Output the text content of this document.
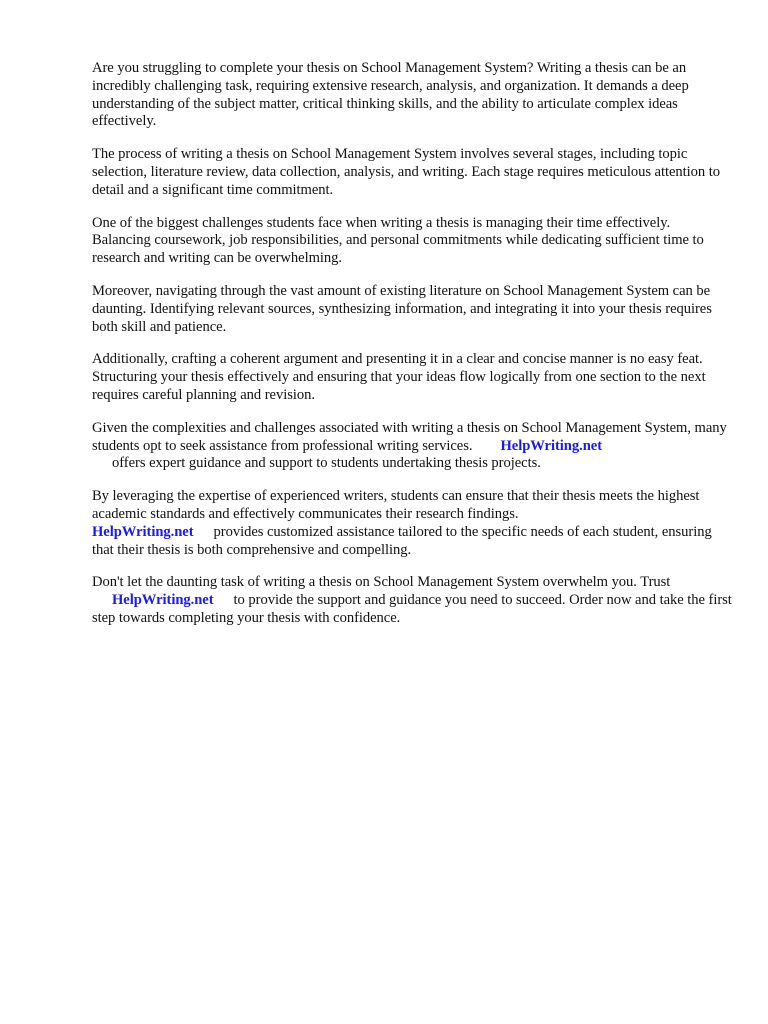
Are you struggling to complete your thesis on School Management System? Writing a thesis can be an incredibly challenging task, requiring extensive research, analysis, and organization. It demands a deep understanding of the subject matter, critical thinking skills, and the ability to articulate complex ideas effectively.

The process of writing a thesis on School Management System involves several stages, including topic selection, literature review, data collection, analysis, and writing. Each stage requires meticulous attention to detail and a significant time commitment.

One of the biggest challenges students face when writing a thesis is managing their time effectively. Balancing coursework, job responsibilities, and personal commitments while dedicating sufficient time to research and writing can be overwhelming.

Moreover, navigating through the vast amount of existing literature on School Management System can be daunting. Identifying relevant sources, synthesizing information, and integrating it into your thesis requires both skill and patience.

Additionally, crafting a coherent argument and presenting it in a clear and concise manner is no easy feat. Structuring your thesis effectively and ensuring that your ideas flow logically from one section to the next requires careful planning and revision.

Given the complexities and challenges associated with writing a thesis on School Management System, many students opt to seek assistance from professional writing services. HelpWriting.net
offers expert guidance and support to students undertaking thesis projects.

By leveraging the expertise of experienced writers, students can ensure that their thesis meets the highest academic standards and effectively communicates their research findings.
HelpWriting.net provides customized assistance tailored to the specific needs of each student, ensuring that their thesis is both comprehensive and compelling.

Don't let the daunting task of writing a thesis on School Management System overwhelm you. Trust
HelpWriting.net to provide the support and guidance you need to succeed. Order now and take the first step towards completing your thesis with confidence.
